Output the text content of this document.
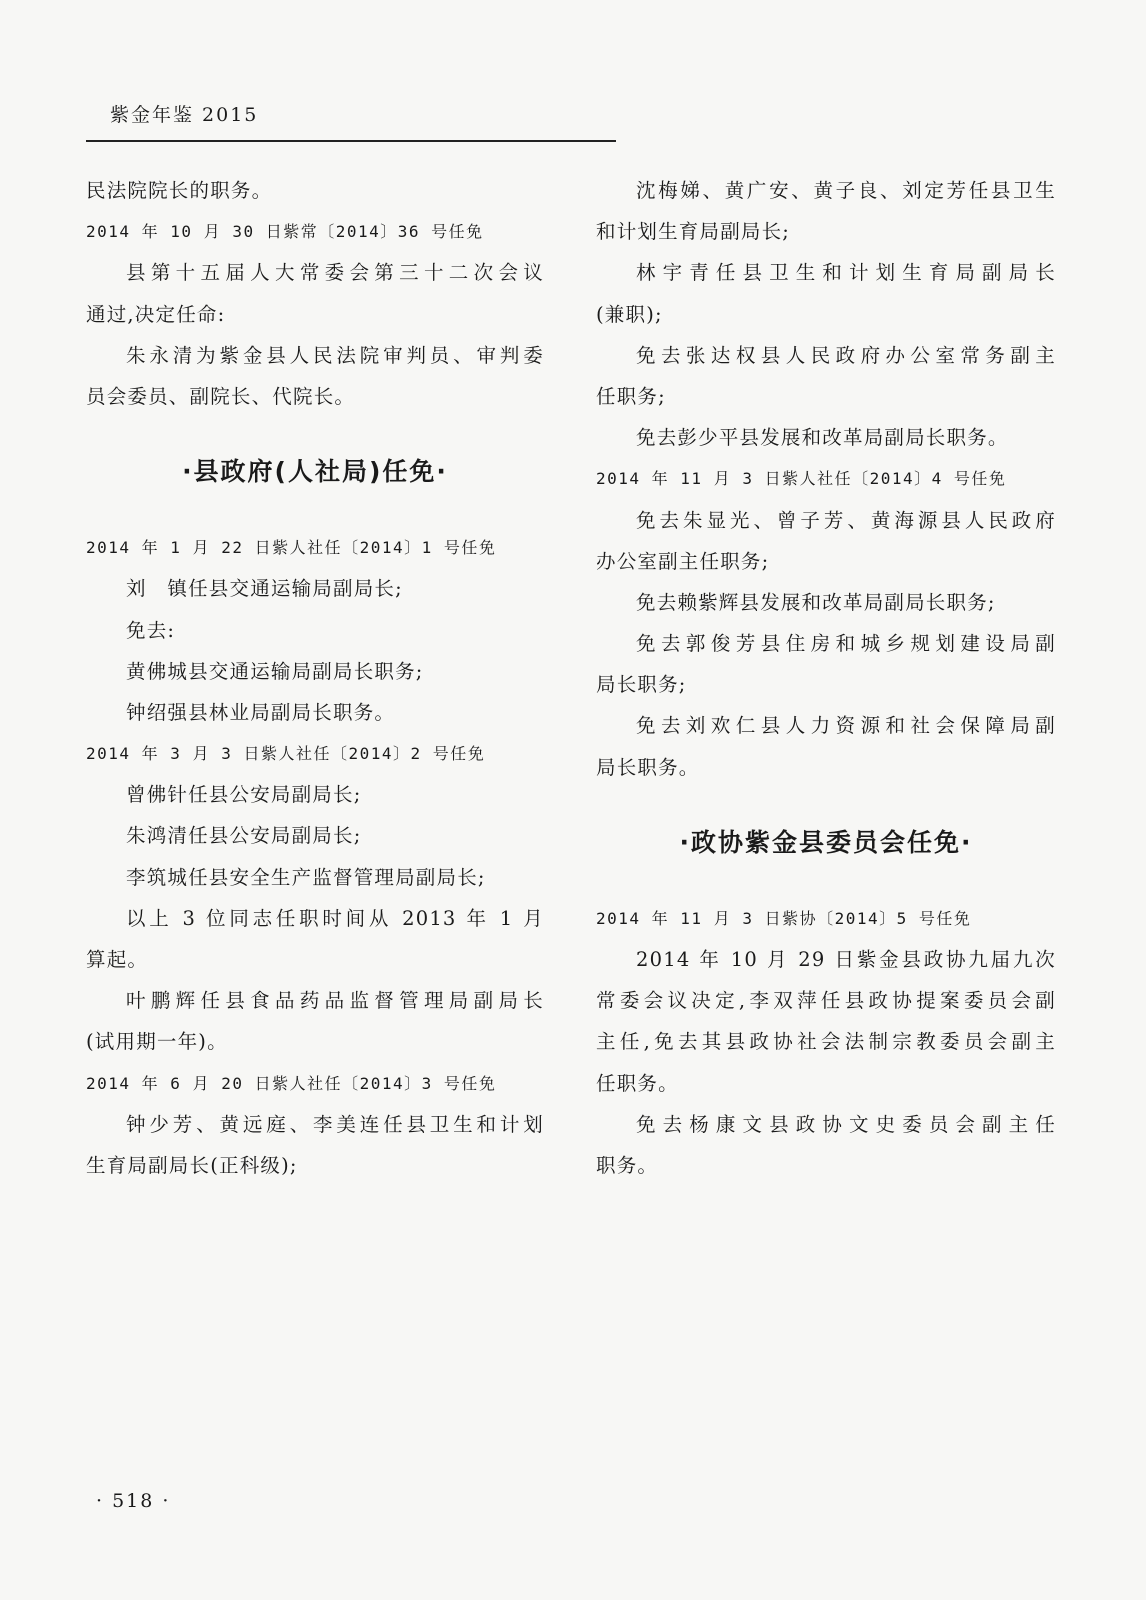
紫金年鉴 2015
民法院院长的职务。
2014 年 10 月 30 日紫常〔2014〕36 号任免
县第十五届人大常委会第三十二次会议
通过,决定任命:
朱永清为紫金县人民法院审判员、审判委
员会委员、副院长、代院长。
·县政府(人社局)任免·
2014 年 1 月 22 日紫人社任〔2014〕1 号任免
刘　镇任县交通运输局副局长;
免去:
黄佛城县交通运输局副局长职务;
钟绍强县林业局副局长职务。
2014 年 3 月 3 日紫人社任〔2014〕2 号任免
曾佛针任县公安局副局长;
朱鸿清任县公安局副局长;
李筑城任县安全生产监督管理局副局长;
以上 3 位同志任职时间从 2013 年 1 月
算起。
叶鹏辉任县食品药品监督管理局副局长
(试用期一年)。
2014 年 6 月 20 日紫人社任〔2014〕3 号任免
钟少芳、黄远庭、李美连任县卫生和计划
生育局副局长(正科级);
沈梅娣、黄广安、黄子良、刘定芳任县卫生
和计划生育局副局长;
林宇青任县卫生和计划生育局副局长
(兼职);
免去张达权县人民政府办公室常务副主
任职务;
免去彭少平县发展和改革局副局长职务。
2014 年 11 月 3 日紫人社任〔2014〕4 号任免
免去朱显光、曾子芳、黄海源县人民政府
办公室副主任职务;
免去赖紫辉县发展和改革局副局长职务;
免去郭俊芳县住房和城乡规划建设局副
局长职务;
免去刘欢仁县人力资源和社会保障局副
局长职务。
·政协紫金县委员会任免·
2014 年 11 月 3 日紫协〔2014〕5 号任免
2014 年 10 月 29 日紫金县政协九届九次
常委会议决定,李双萍任县政协提案委员会副
主任,免去其县政协社会法制宗教委员会副主
任职务。
免去杨康文县政协文史委员会副主任
职务。
· 518 ·
